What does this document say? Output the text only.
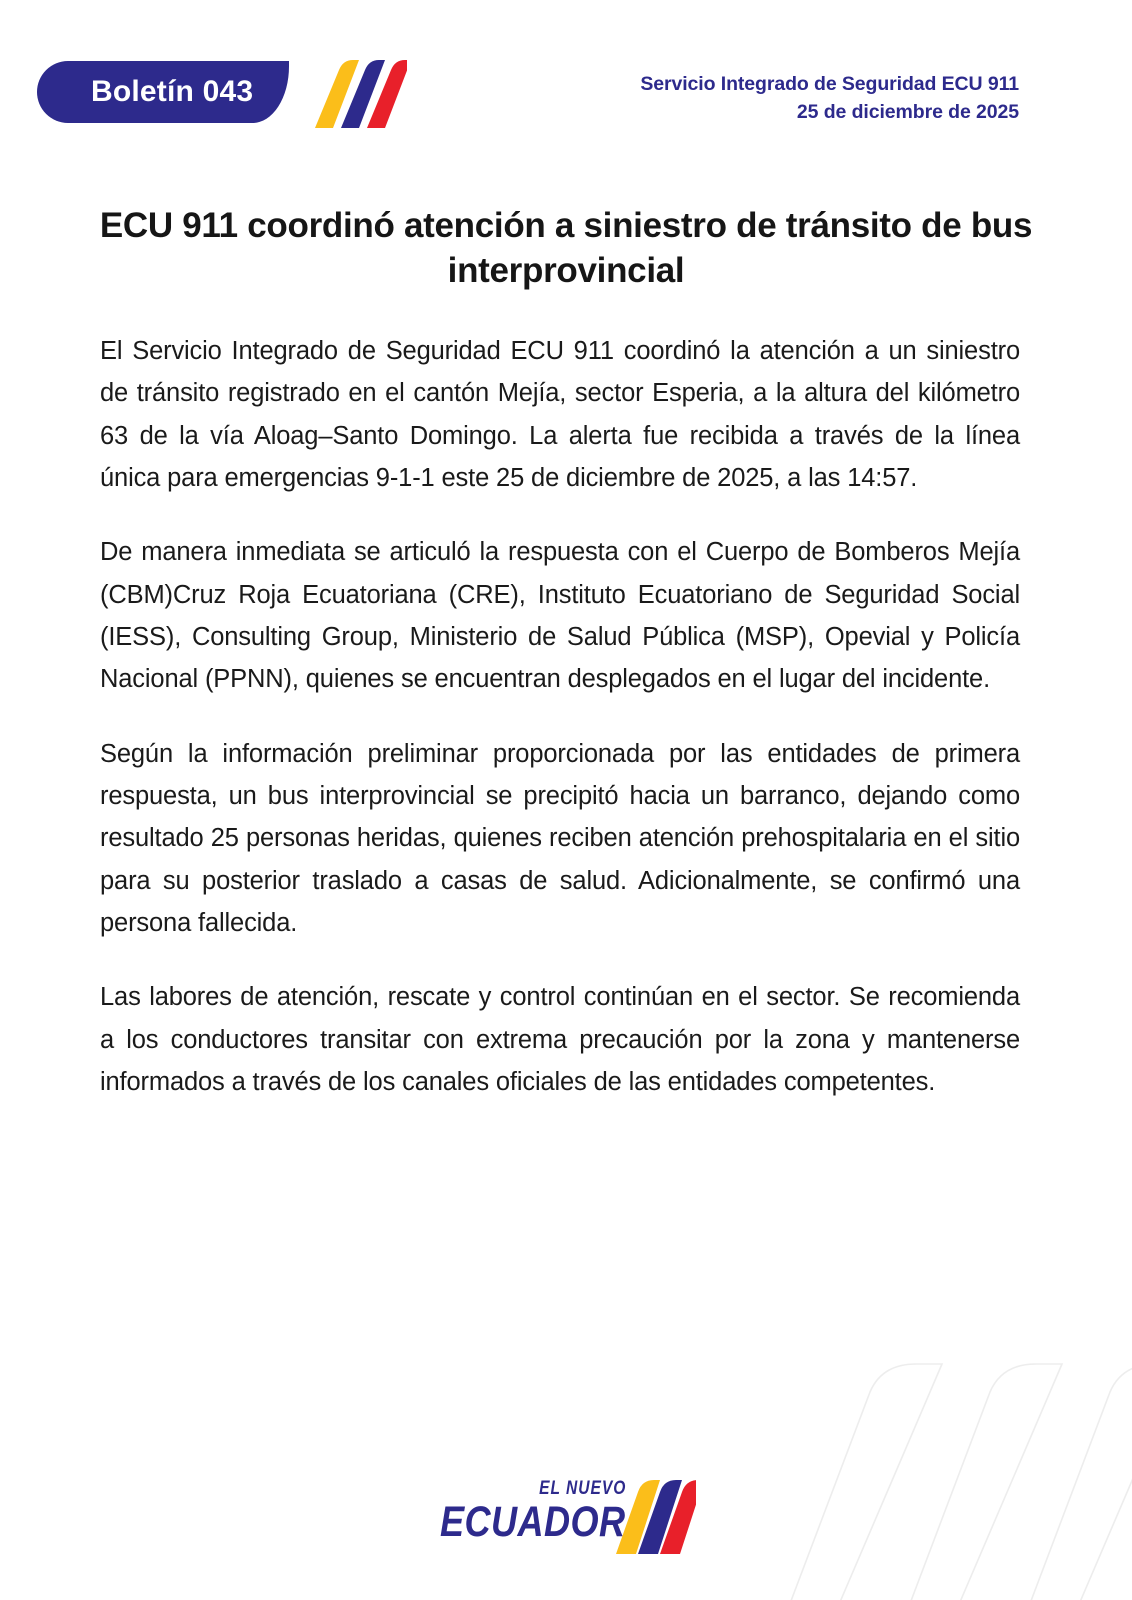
Boletín 043	Servicio Integrado de Seguridad ECU 911
25 de diciembre de 2025
ECU 911 coordinó atención a siniestro de tránsito de bus interprovincial

El Servicio Integrado de Seguridad ECU 911 coordinó la atención a un siniestro de tránsito registrado en el cantón Mejía, sector Esperia, a la altura del kilómetro 63 de la vía Aloag–Santo Domingo. La alerta fue recibida a través de la línea única para emergencias 9-1-1 este 25 de diciembre de 2025, a las 14:57.

De manera inmediata se articuló la respuesta con el Cuerpo de Bomberos Mejía (CBM)Cruz Roja Ecuatoriana (CRE), Instituto Ecuatoriano de Seguridad Social (IESS), Consulting Group, Ministerio de Salud Pública (MSP), Opevial y Policía Nacional (PPNN), quienes se encuentran desplegados en el lugar del incidente.

Según la información preliminar proporcionada por las entidades de primera respuesta, un bus interprovincial se precipitó hacia un barranco, dejando como resultado 25 personas heridas, quienes reciben atención prehospitalaria en el sitio para su posterior traslado a casas de salud. Adicionalmente, se confirmó una persona fallecida.

Las labores de atención, rescate y control continúan en el sector. Se recomienda a los conductores transitar con extrema precaución por la zona y mantenerse informados a través de los canales oficiales de las entidades competentes.

EL NUEVO
ECUADOR
